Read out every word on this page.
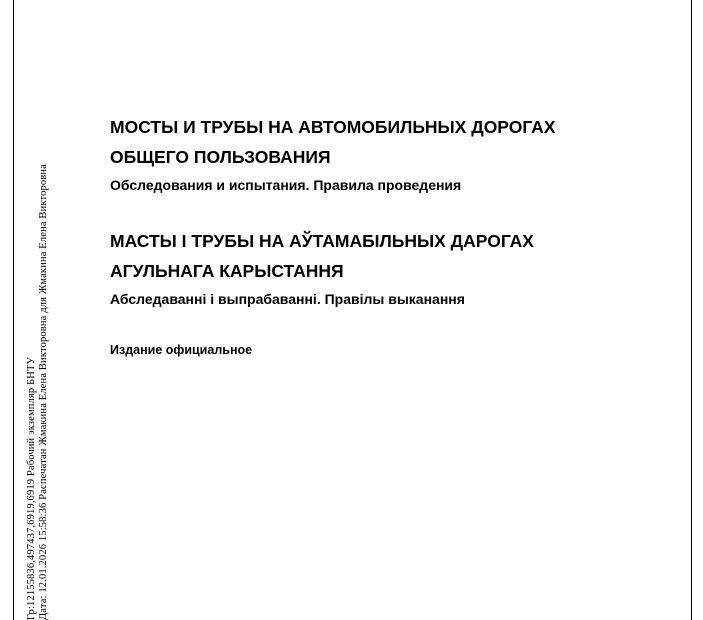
Гр:12155836,497437,6919,6919 Рабочий экземпляр БНТУ Дата: 12.01.2026 15:58:36 Распечатан Жмакина Елена Викторовна для Жмакина Елена Викторовна

МОСТЫ И ТРУБЫ НА АВТОМОБИЛЬНЫХ ДОРОГАХ

ОБЩЕГО ПОЛЬЗОВАНИЯ

Обследования и испытания. Правила проведения

МАСТЫ І ТРУБЫ НА АЎТАМАБІЛЬНЫХ ДАРОГАХ

АГУЛЬНАГА КАРЫСТАННЯ

Абследаванні і выпрабаванні. Правілы выканання

Издание официальное
